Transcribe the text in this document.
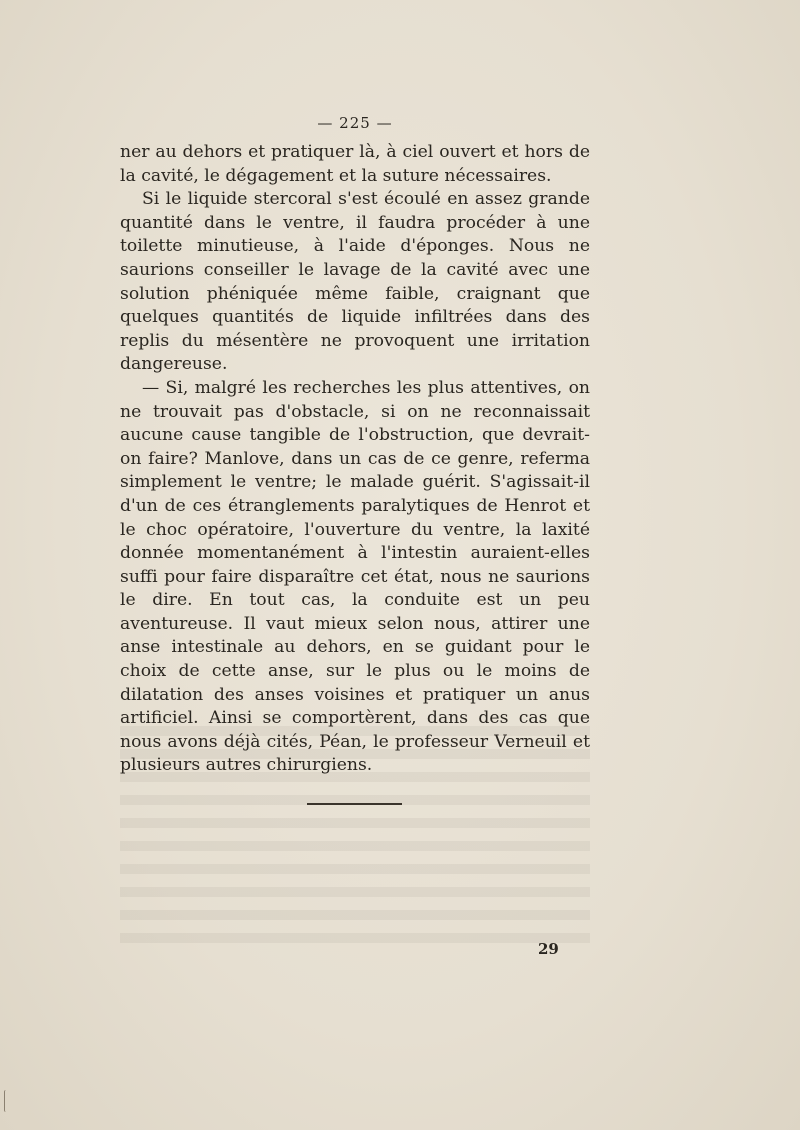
— 225 —

ner au dehors et pratiquer là, à ciel ouvert et hors de la cavité, le dégagement et la suture nécessaires.

Si le liquide stercoral s'est écoulé en assez grande quantité dans le ventre, il faudra procéder à une toilette minutieuse, à l'aide d'éponges. Nous ne saurions conseiller le lavage de la cavité avec une solution phéniquée même faible, craignant que quelques quantités de liquide infiltrées dans des replis du mésentère ne provoquent une irritation dangereuse.

— Si, malgré les recherches les plus attentives, on ne trouvait pas d'obstacle, si on ne reconnaissait aucune cause tangible de l'obstruction, que devrait-on faire? Manlove, dans un cas de ce genre, referma simplement le ventre; le malade guérit. S'agissait-il d'un de ces étranglements paralytiques de Henrot et le choc opératoire, l'ouverture du ventre, la laxité donnée momentanément à l'intestin auraient-elles suffi pour faire disparaître cet état, nous ne saurions le dire. En tout cas, la conduite est un peu aventureuse. Il vaut mieux selon nous, attirer une anse intestinale au dehors, en se guidant pour le choix de cette anse, sur le plus ou le moins de dilatation des anses voisines et pratiquer un anus artificiel. Ainsi se comportèrent, dans des cas que nous avons déjà cités, Péan, le professeur Verneuil et plusieurs autres chirurgiens.

29
